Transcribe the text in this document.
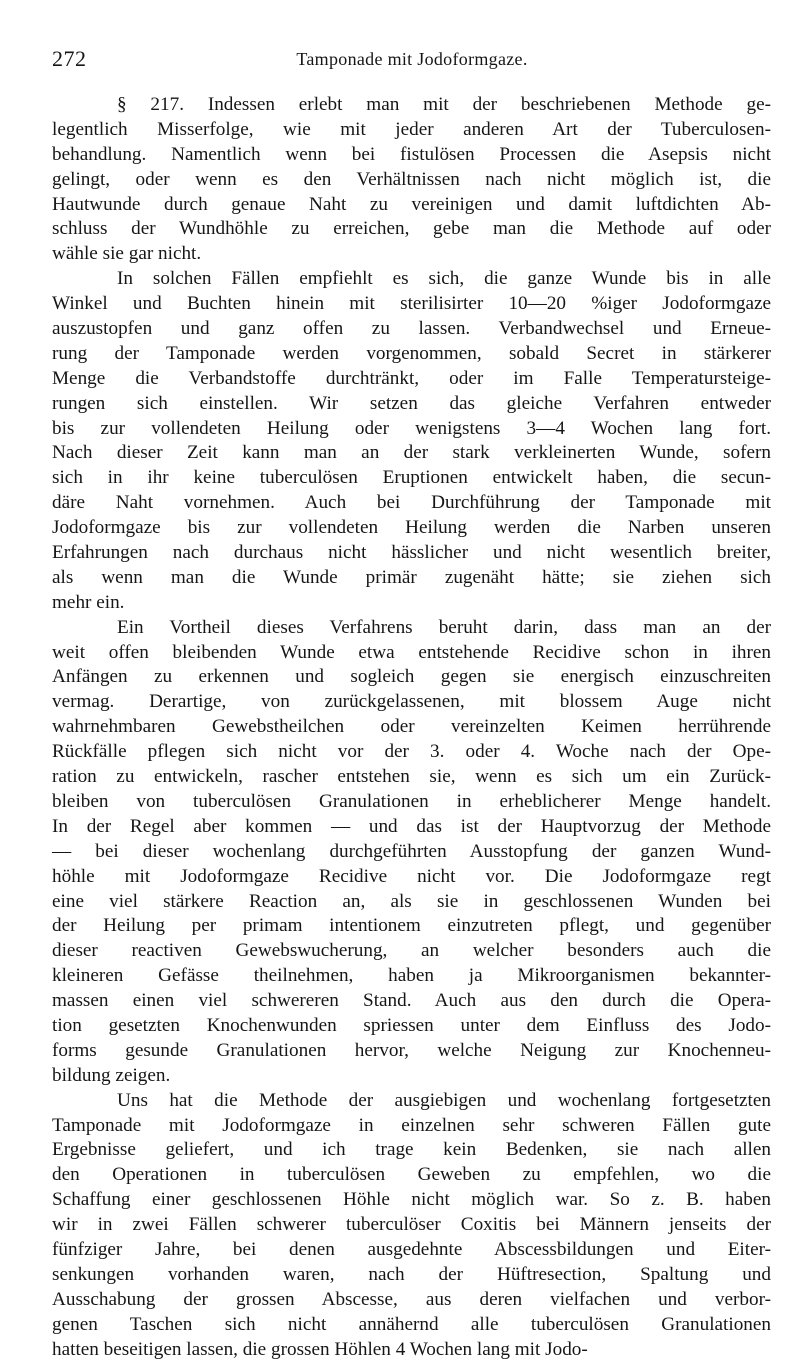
272	Tamponade mit Jodoformgaze.
§ 217. Indessen erlebt man mit der beschriebenen Methode ge-
legentlich Misserfolge, wie mit jeder anderen Art der Tuberculosen-
behandlung. Namentlich wenn bei fistulösen Processen die Asepsis nicht
gelingt, oder wenn es den Verhältnissen nach nicht möglich ist, die
Hautwunde durch genaue Naht zu vereinigen und damit luftdichten Ab-
schluss der Wundhöhle zu erreichen, gebe man die Methode auf oder
wähle sie gar nicht.
In solchen Fällen empfiehlt es sich, die ganze Wunde bis in alle
Winkel und Buchten hinein mit sterilisirter 10—20 %iger Jodoformgaze
auszustopfen und ganz offen zu lassen. Verbandwechsel und Erneue-
rung der Tamponade werden vorgenommen, sobald Secret in stärkerer
Menge die Verbandstoffe durchtränkt, oder im Falle Temperatursteige-
rungen sich einstellen. Wir setzen das gleiche Verfahren entweder
bis zur vollendeten Heilung oder wenigstens 3—4 Wochen lang fort.
Nach dieser Zeit kann man an der stark verkleinerten Wunde, sofern
sich in ihr keine tuberculösen Eruptionen entwickelt haben, die secun-
däre Naht vornehmen. Auch bei Durchführung der Tamponade mit
Jodoformgaze bis zur vollendeten Heilung werden die Narben unseren
Erfahrungen nach durchaus nicht hässlicher und nicht wesentlich breiter,
als wenn man die Wunde primär zugenäht hätte; sie ziehen sich
mehr ein.
Ein Vortheil dieses Verfahrens beruht darin, dass man an der
weit offen bleibenden Wunde etwa entstehende Recidive schon in ihren
Anfängen zu erkennen und sogleich gegen sie energisch einzuschreiten
vermag. Derartige, von zurückgelassenen, mit blossem Auge nicht
wahrnehmbaren Gewebstheilchen oder vereinzelten Keimen herrührende
Rückfälle pflegen sich nicht vor der 3. oder 4. Woche nach der Ope-
ration zu entwickeln, rascher entstehen sie, wenn es sich um ein Zurück-
bleiben von tuberculösen Granulationen in erheblicherer Menge handelt.
In der Regel aber kommen — und das ist der Hauptvorzug der Methode
— bei dieser wochenlang durchgeführten Ausstopfung der ganzen Wund-
höhle mit Jodoformgaze Recidive nicht vor. Die Jodoformgaze regt
eine viel stärkere Reaction an, als sie in geschlossenen Wunden bei
der Heilung per primam intentionem einzutreten pflegt, und gegenüber
dieser reactiven Gewebswucherung, an welcher besonders auch die
kleineren Gefässe theilnehmen, haben ja Mikroorganismen bekannter-
massen einen viel schwereren Stand. Auch aus den durch die Opera-
tion gesetzten Knochenwunden spriessen unter dem Einfluss des Jodo-
forms gesunde Granulationen hervor, welche Neigung zur Knochenneu-
bildung zeigen.
Uns hat die Methode der ausgiebigen und wochenlang fortgesetzten
Tamponade mit Jodoformgaze in einzelnen sehr schweren Fällen gute
Ergebnisse geliefert, und ich trage kein Bedenken, sie nach allen
den Operationen in tuberculösen Geweben zu empfehlen, wo die
Schaffung einer geschlossenen Höhle nicht möglich war. So z. B. haben
wir in zwei Fällen schwerer tuberculöser Coxitis bei Männern jenseits der
fünfziger Jahre, bei denen ausgedehnte Abscessbildungen und Eiter-
senkungen vorhanden waren, nach der Hüftresection, Spaltung und
Ausschabung der grossen Abscesse, aus deren vielfachen und verbor-
genen Taschen sich nicht annähernd alle tuberculösen Granulationen
hatten beseitigen lassen, die grossen Höhlen 4 Wochen lang mit Jodo-
